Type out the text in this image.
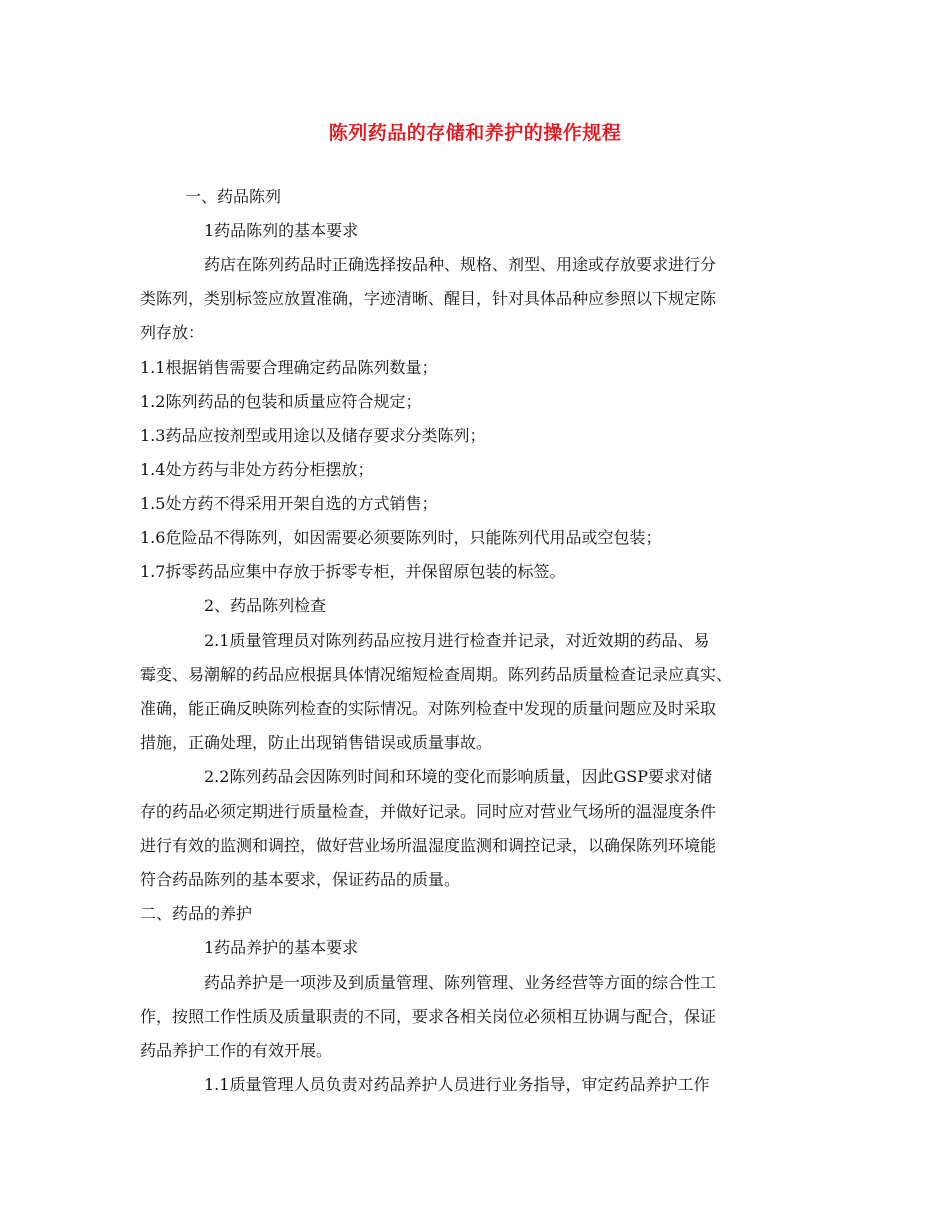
陈列药品的存储和养护的操作规程
一、药品陈列
1药品陈列的基本要求
药店在陈列药品时正确选择按品种、规格、剂型、用途或存放要求进行分
类陈列，类别标签应放置准确，字迹清晰、醒目，针对具体品种应参照以下规定陈
列存放：
1.1根据销售需要合理确定药品陈列数量；
1.2陈列药品的包装和质量应符合规定；
1.3药品应按剂型或用途以及储存要求分类陈列；
1.4处方药与非处方药分柜摆放；
1.5处方药不得采用开架自选的方式销售；
1.6危险品不得陈列，如因需要必须要陈列时，只能陈列代用品或空包装；
1.7拆零药品应集中存放于拆零专柜，并保留原包装的标签。
2、药品陈列检查
2.1质量管理员对陈列药品应按月进行检查并记录，对近效期的药品、易
霉变、易潮解的药品应根据具体情况缩短检查周期。陈列药品质量检查记录应真实、
准确，能正确反映陈列检查的实际情况。对陈列检查中发现的质量问题应及时采取
措施，正确处理，防止出现销售错误或质量事故。
2.2陈列药品会因陈列时间和环境的变化而影响质量，因此GSP要求对储
存的药品必须定期进行质量检查，并做好记录。同时应对营业气场所的温湿度条件
进行有效的监测和调控，做好营业场所温湿度监测和调控记录，以确保陈列环境能
符合药品陈列的基本要求，保证药品的质量。
二、药品的养护
1药品养护的基本要求
药品养护是一项涉及到质量管理、陈列管理、业务经营等方面的综合性工
作，按照工作性质及质量职责的不同，要求各相关岗位必须相互协调与配合，保证
药品养护工作的有效开展。
1.1质量管理人员负责对药品养护人员进行业务指导，审定药品养护工作
